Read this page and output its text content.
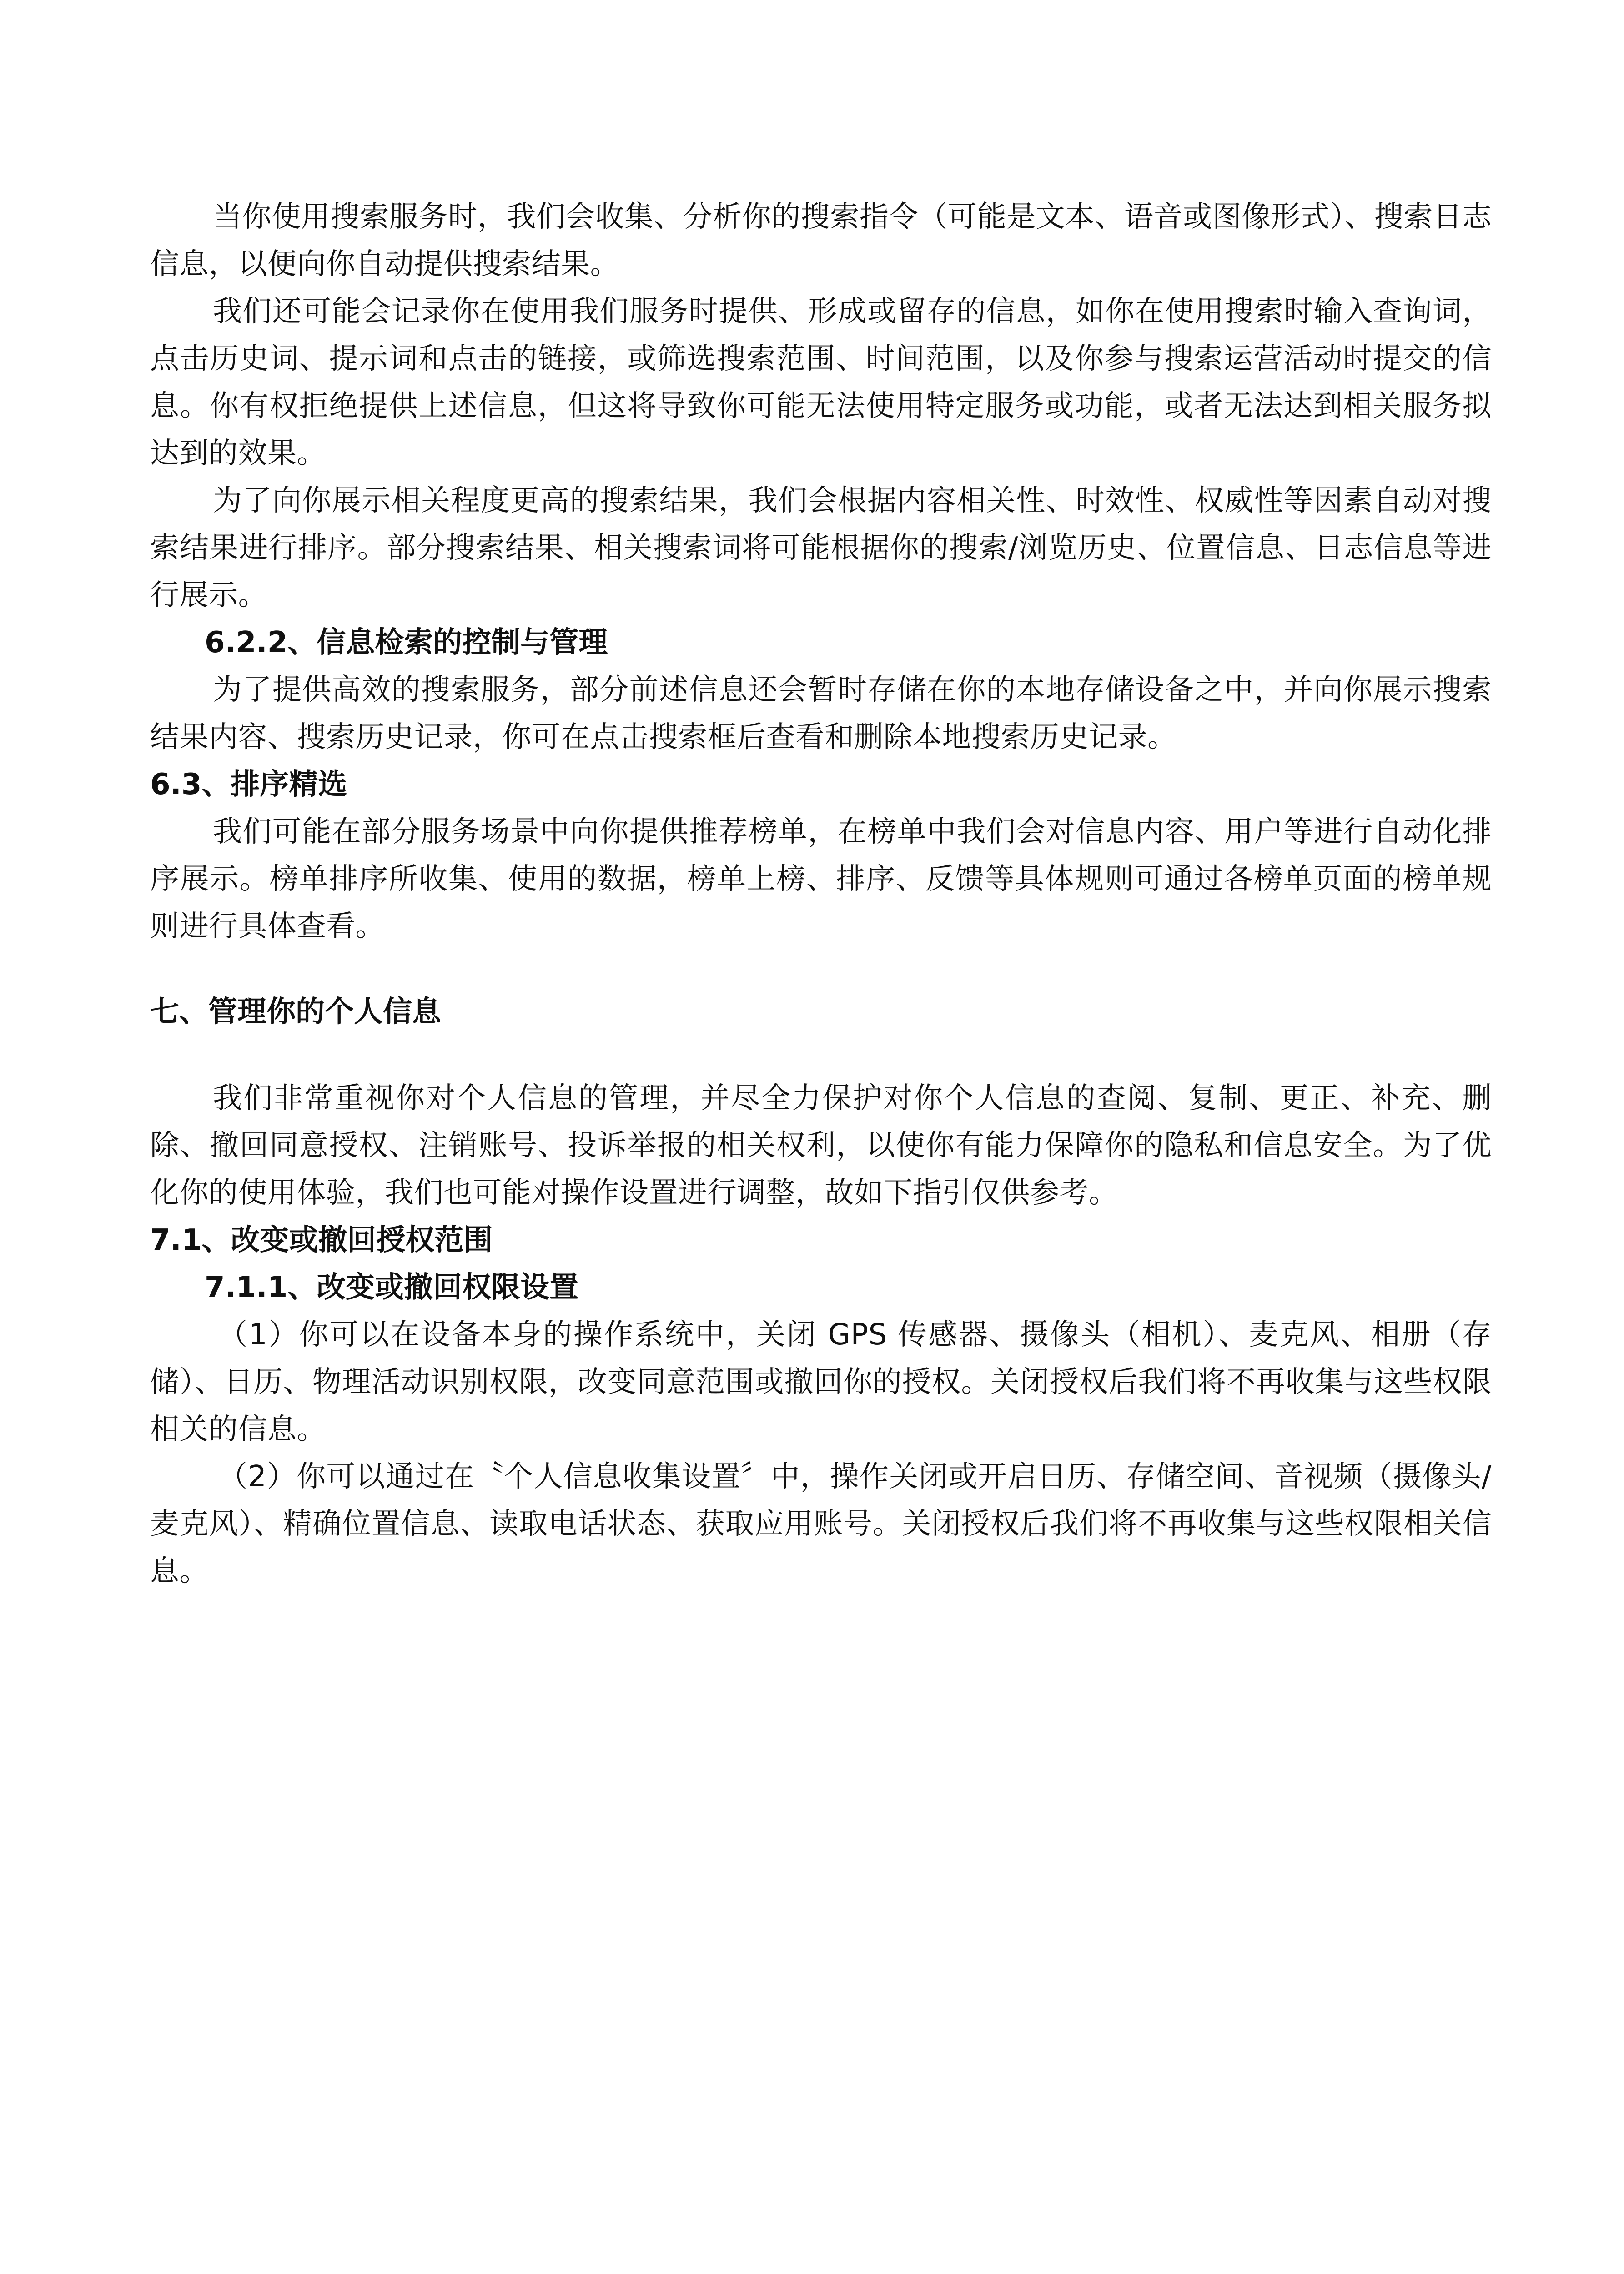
当你使用搜索服务时，我们会收集、分析你的搜索指令（可能是文本、语音或图像形式）、搜索日志信息，以便向你自动提供搜索结果。

我们还可能会记录你在使用我们服务时提供、形成或留存的信息，如你在使用搜索时输入查询词，点击历史词、提示词和点击的链接，或筛选搜索范围、时间范围，以及你参与搜索运营活动时提交的信息。你有权拒绝提供上述信息，但这将导致你可能无法使用特定服务或功能，或者无法达到相关服务拟达到的效果。

为了向你展示相关程度更高的搜索结果，我们会根据内容相关性、时效性、权威性等因素自动对搜索结果进行排序。部分搜索结果、相关搜索词将可能根据你的搜索/浏览历史、位置信息、日志信息等进行展示。

6.2.2、信息检索的控制与管理

为了提供高效的搜索服务，部分前述信息还会暂时存储在你的本地存储设备之中，并向你展示搜索结果内容、搜索历史记录，你可在点击搜索框后查看和删除本地搜索历史记录。

6.3、排序精选

我们可能在部分服务场景中向你提供推荐榜单，在榜单中我们会对信息内容、用户等进行自动化排序展示。榜单排序所收集、使用的数据，榜单上榜、排序、反馈等具体规则可通过各榜单页面的榜单规则进行具体查看。

七、管理你的个人信息

我们非常重视你对个人信息的管理，并尽全力保护对你个人信息的查阅、复制、更正、补充、删除、撤回同意授权、注销账号、投诉举报的相关权利，以使你有能力保障你的隐私和信息安全。为了优化你的使用体验，我们也可能对操作设置进行调整，故如下指引仅供参考。

7.1、改变或撤回授权范围

7.1.1、改变或撤回权限设置

（1）你可以在设备本身的操作系统中，关闭 GPS 传感器、摄像头（相机）、麦克风、相册（存储）、日历、物理活动识别权限，改变同意范围或撤回你的授权。关闭授权后我们将不再收集与这些权限相关的信息。

（2）你可以通过在〝个人信息收集设置〞中，操作关闭或开启日历、存储空间、音视频（摄像头/麦克风）、精确位置信息、读取电话状态、获取应用账号。关闭授权后我们将不再收集与这些权限相关信息。
